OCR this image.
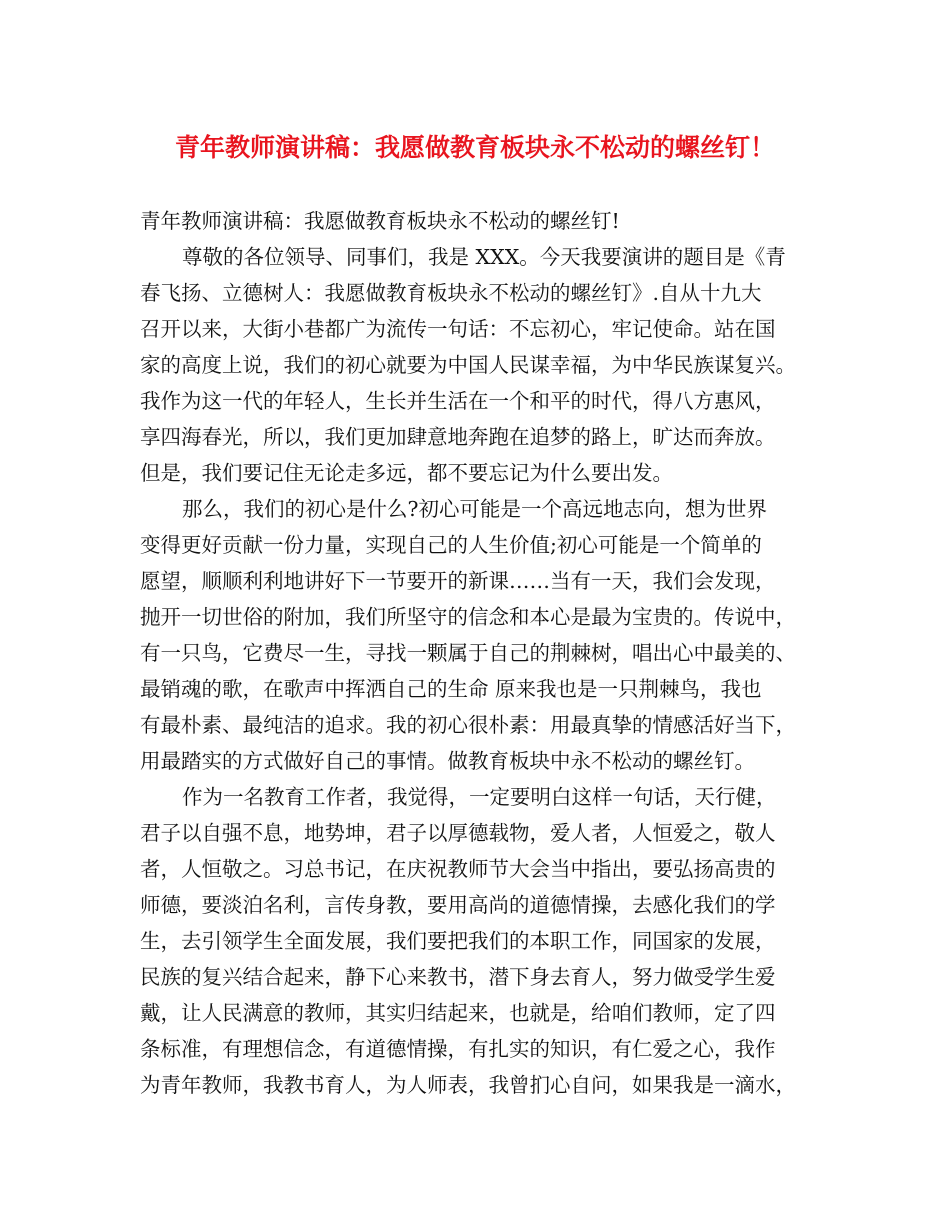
青年教师演讲稿：我愿做教育板块永不松动的螺丝钉！
青年教师演讲稿：我愿做教育板块永不松动的螺丝钉!
尊敬的各位领导、同事们，我是 XXX。今天我要演讲的题目是《青
春飞扬、立德树人：我愿做教育板块永不松动的螺丝钉》.自从十九大
召开以来，大街小巷都广为流传一句话：不忘初心，牢记使命。站在国
家的高度上说，我们的初心就要为中国人民谋幸福，为中华民族谋复兴。
我作为这一代的年轻人，生长并生活在一个和平的时代，得八方惠风，
享四海春光，所以，我们更加肆意地奔跑在追梦的路上，旷达而奔放。
但是，我们要记住无论走多远，都不要忘记为什么要出发。
那么，我们的初心是什么?初心可能是一个高远地志向，想为世界
变得更好贡献一份力量，实现自己的人生价值;初心可能是一个简单的
愿望，顺顺利利地讲好下一节要开的新课……当有一天，我们会发现，
抛开一切世俗的附加，我们所坚守的信念和本心是最为宝贵的。传说中，
有一只鸟，它费尽一生，寻找一颗属于自己的荆棘树，唱出心中最美的、
最销魂的歌，在歌声中挥洒自己的生命 原来我也是一只荆棘鸟，我也
有最朴素、最纯洁的追求。我的初心很朴素：用最真挚的情感活好当下，
用最踏实的方式做好自己的事情。做教育板块中永不松动的螺丝钉。
作为一名教育工作者，我觉得，一定要明白这样一句话，天行健，
君子以自强不息，地势坤，君子以厚德载物，爱人者，人恒爱之，敬人
者，人恒敬之。习总书记，在庆祝教师节大会当中指出，要弘扬高贵的
师德，要淡泊名利，言传身教，要用高尚的道德情操，去感化我们的学
生，去引领学生全面发展，我们要把我们的本职工作，同国家的发展，
民族的复兴结合起来，静下心来教书，潜下身去育人，努力做受学生爱
戴，让人民满意的教师，其实归结起来，也就是，给咱们教师，定了四
条标准，有理想信念，有道德情操，有扎实的知识，有仁爱之心，我作
为青年教师，我教书育人，为人师表，我曾扪心自问，如果我是一滴水，
